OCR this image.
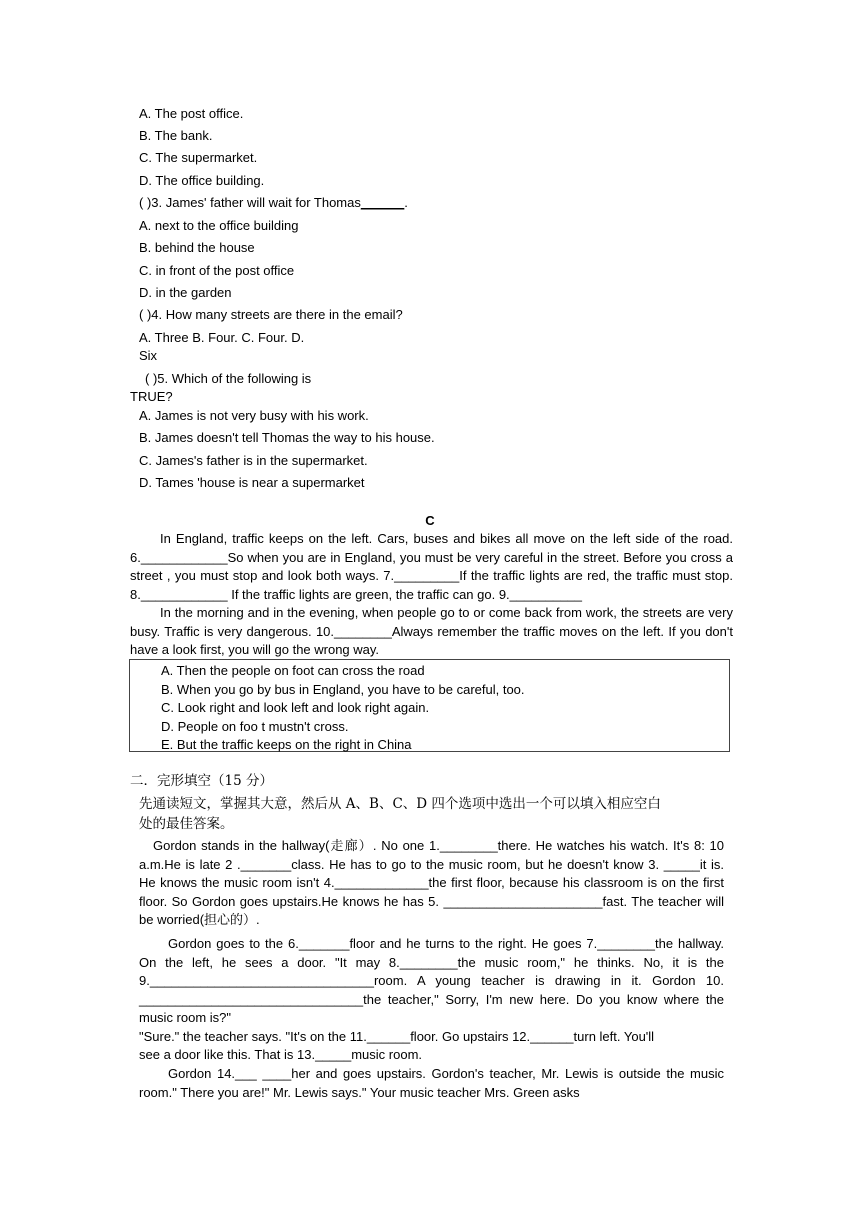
A. The post office.
B. The bank.
C. The supermarket.
D. The office building.
( )3. James' father will wait for Thomas______.
A. next to the office building
B. behind the house
C. in front of the post office
D. in the garden
( )4. How many streets are there in the email?
A. Three B. Four. C. Four. D.
Six
( )5. Which of the following is
TRUE?
A. James is not very busy with his work.
B. James doesn't tell Thomas the way to his house.
C. James's father is in the supermarket.
D. Tames 'house is near a supermarket
C
In England, traffic keeps on the left. Cars, buses and bikes all move on the left side of the road. 6.____________So when you are in England, you must be very careful in the street. Before you cross a street , you must stop and look both ways. 7._________If the traffic lights are red, the traffic must stop. 8.____________ If the traffic lights are green, the traffic can go. 9.__________
In the morning and in the evening, when people go to or come back from work, the streets are very busy. Traffic is very dangerous. 10.________Always remember the traffic moves on the left. If you don't have a look first, you will go the wrong way.
A. Then the people on foot can cross the road
B. When you go by bus in England, you have to be careful, too.
C. Look right and look left and look right again.
D. People on foo t mustn't cross.
E. But the traffic keeps on the right in China
二．完形填空（15 分）
先通读短文，掌握其大意，然后从 A、B、C、D 四个选项中选出一个可以填入相应空白
处的最佳答案。
Gordon stands in the hallway(走廊）. No one 1.________there. He watches his watch. It's 8: 10 a.m.He is late 2 ._______class. He has to go to the music room, but he doesn't know 3. _____it is. He knows the music room isn't 4._____________the first floor, because his classroom is on the first floor. So Gordon goes upstairs.He knows he has 5. ______________________fast. The teacher will be worried(担心的）.
Gordon goes to the 6._______floor and he turns to the right. He goes 7.________the hallway. On the left, he sees a door. "It may 8.________the music room," he thinks. No, it is the 9._______________________________room. A young teacher is drawing in it. Gordon 10. _______________________________the teacher," Sorry, I'm new here. Do you know where the music room is?"
"Sure." the teacher says. "It's on the 11.______floor. Go upstairs 12.______turn left. You'll
see a door like this. That is 13._____music room.
Gordon 14.___ ____her and goes upstairs. Gordon's teacher, Mr. Lewis is outside the music room." There you are!" Mr. Lewis says." Your music teacher Mrs. Green asks
